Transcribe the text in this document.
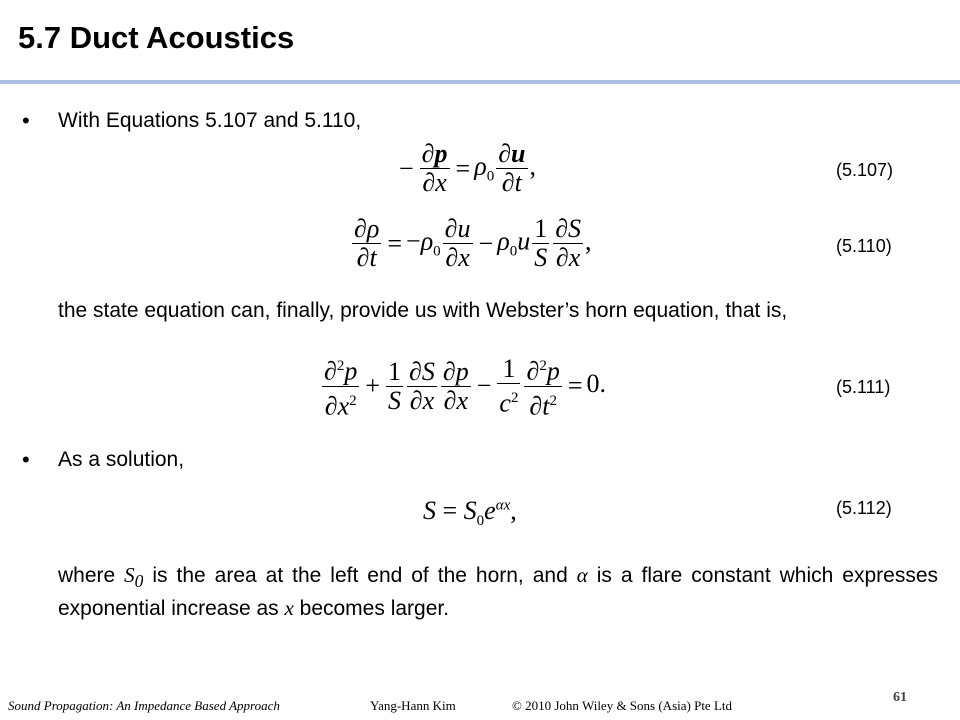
5.7 Duct Acoustics
• With Equations 5.107 and 5.110,
− $\frac{\partial p}{\partial x} = \rho_0 \frac{\partial u}{\partial t}$ ,	(5.107)
$\frac{\partial\rho}{\partial t} = -\rho_0 \frac{\partial u}{\partial x} - \rho_0u \frac{1}{S} \frac{\partial S}{\partial x}$ ,	(5.110)
the state equation can, finally, provide us with Webster’s horn equation, that is,
$\frac{\partial^2p}{\partial x^2} + \frac{1}{S} \frac{\partial S}{\partial x} \frac{\partial p}{\partial x} - \frac{1}{c^2} \frac{\partial^2p}{\partial t^2} = 0$.	(5.111)
• As a solution,
$S = S_0e^{\alpha x}$,	(5.112)
where $S_0$ is the area at the left end of the horn, and α is a flare constant which expresses exponential increase as x becomes larger.
Sound Propagation: An Impedance Based Approach	Yang-Hann Kim	© 2010 John Wiley & Sons (Asia) Pte Ltd
61
